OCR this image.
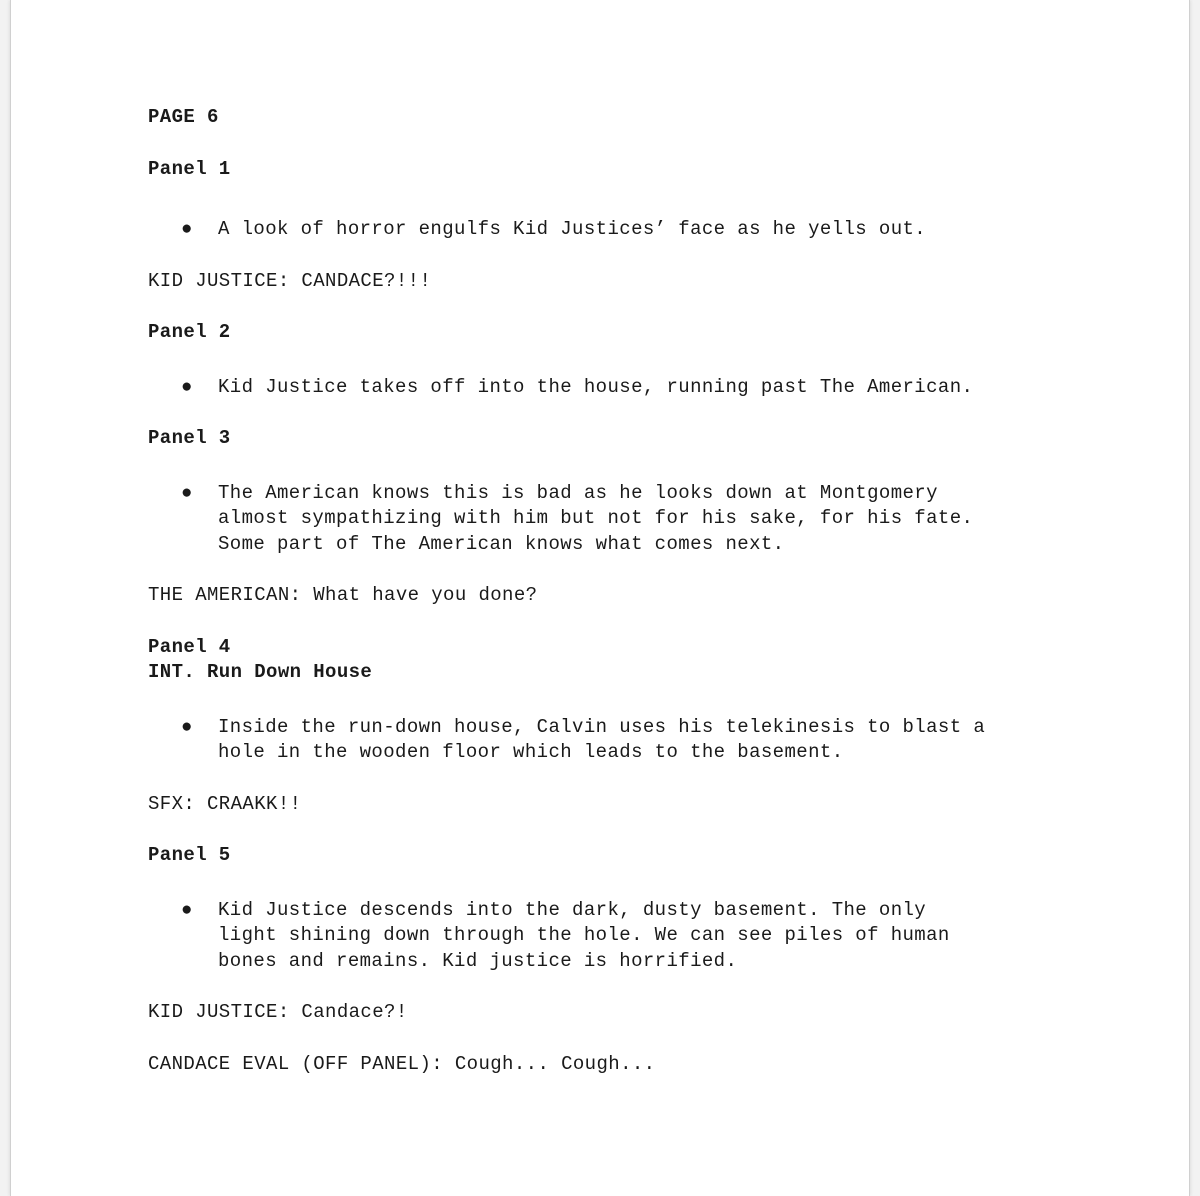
PAGE 6

Panel 1

● A look of horror engulfs Kid Justices’ face as he yells out.

KID JUSTICE: CANDACE?!!!

Panel 2

● Kid Justice takes off into the house, running past The American.

Panel 3

● The American knows this is bad as he looks down at Montgomery
almost sympathizing with him but not for his sake, for his fate.
Some part of The American knows what comes next.

THE AMERICAN: What have you done?

Panel 4

INT. Run Down House

● Inside the run-down house, Calvin uses his telekinesis to blast a
hole in the wooden floor which leads to the basement.

SFX: CRAAKK!!

Panel 5

● Kid Justice descends into the dark, dusty basement. The only
light shining down through the hole. We can see piles of human
bones and remains. Kid justice is horrified.

KID JUSTICE: Candace?!

CANDACE EVAL (OFF PANEL): Cough... Cough...
